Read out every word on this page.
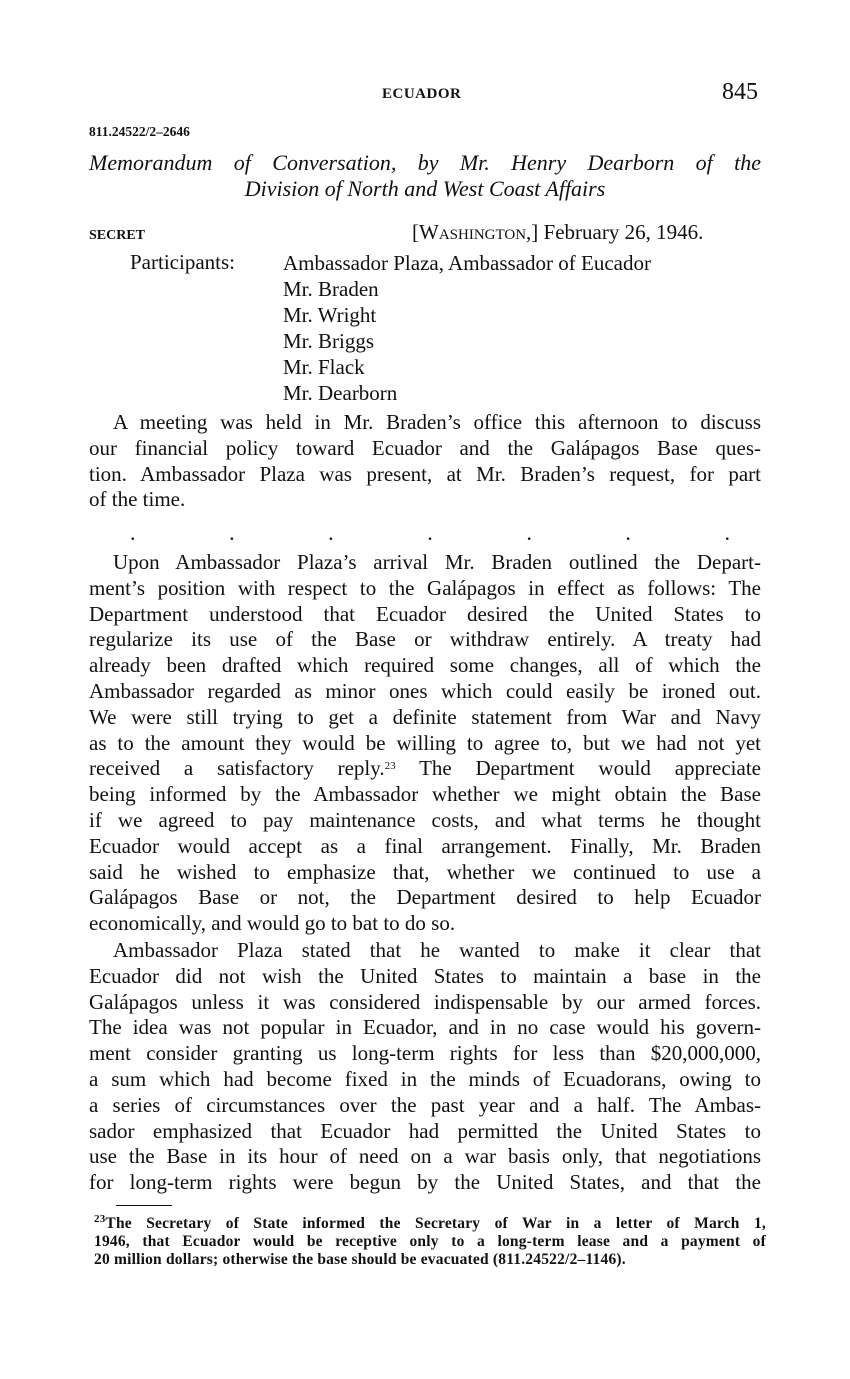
ECUADOR	845
811.24522/2–2646
Memorandum of Conversation, by Mr. Henry Dearborn of the
Division of North and West Coast Affairs
SECRET	[Washington,] February 26, 1946.
Participants: Ambassador Plaza, Ambassador of Eucador
Mr. Braden
Mr. Wright
Mr. Briggs
Mr. Flack
Mr. Dearborn
A meeting was held in Mr. Braden’s office this afternoon to discuss
our financial policy toward Ecuador and the Galápagos Base ques-
tion. Ambassador Plaza was present, at Mr. Braden’s request, for part
of the time.
.	.	.	.	.	.	.
Upon Ambassador Plaza’s arrival Mr. Braden outlined the Depart-
ment’s position with respect to the Galápagos in effect as follows: The
Department understood that Ecuador desired the United States to
regularize its use of the Base or withdraw entirely. A treaty had
already been drafted which required some changes, all of which the
Ambassador regarded as minor ones which could easily be ironed out.
We were still trying to get a definite statement from War and Navy
as to the amount they would be willing to agree to, but we had not yet
received a satisfactory reply.$^{23}$ The Department would appreciate
being informed by the Ambassador whether we might obtain the Base
if we agreed to pay maintenance costs, and what terms he thought
Ecuador would accept as a final arrangement. Finally, Mr. Braden
said he wished to emphasize that, whether we continued to use a
Galápagos Base or not, the Department desired to help Ecuador
economically, and would go to bat to do so.
Ambassador Plaza stated that he wanted to make it clear that
Ecuador did not wish the United States to maintain a base in the
Galápagos unless it was considered indispensable by our armed forces.
The idea was not popular in Ecuador, and in no case would his govern-
ment consider granting us long-term rights for less than $20,000,000,
a sum which had become fixed in the minds of Ecuadorans, owing to
a series of circumstances over the past year and a half. The Ambas-
sador emphasized that Ecuador had permitted the United States to
use the Base in its hour of need on a war basis only, that negotiations
for long-term rights were begun by the United States, and that the
$^{23}$The Secretary of State informed the Secretary of War in a letter of March 1,
1946, that Ecuador would be receptive only to a long-term lease and a payment of
20 million dollars; otherwise the base should be evacuated (811.24522/2–1146).
